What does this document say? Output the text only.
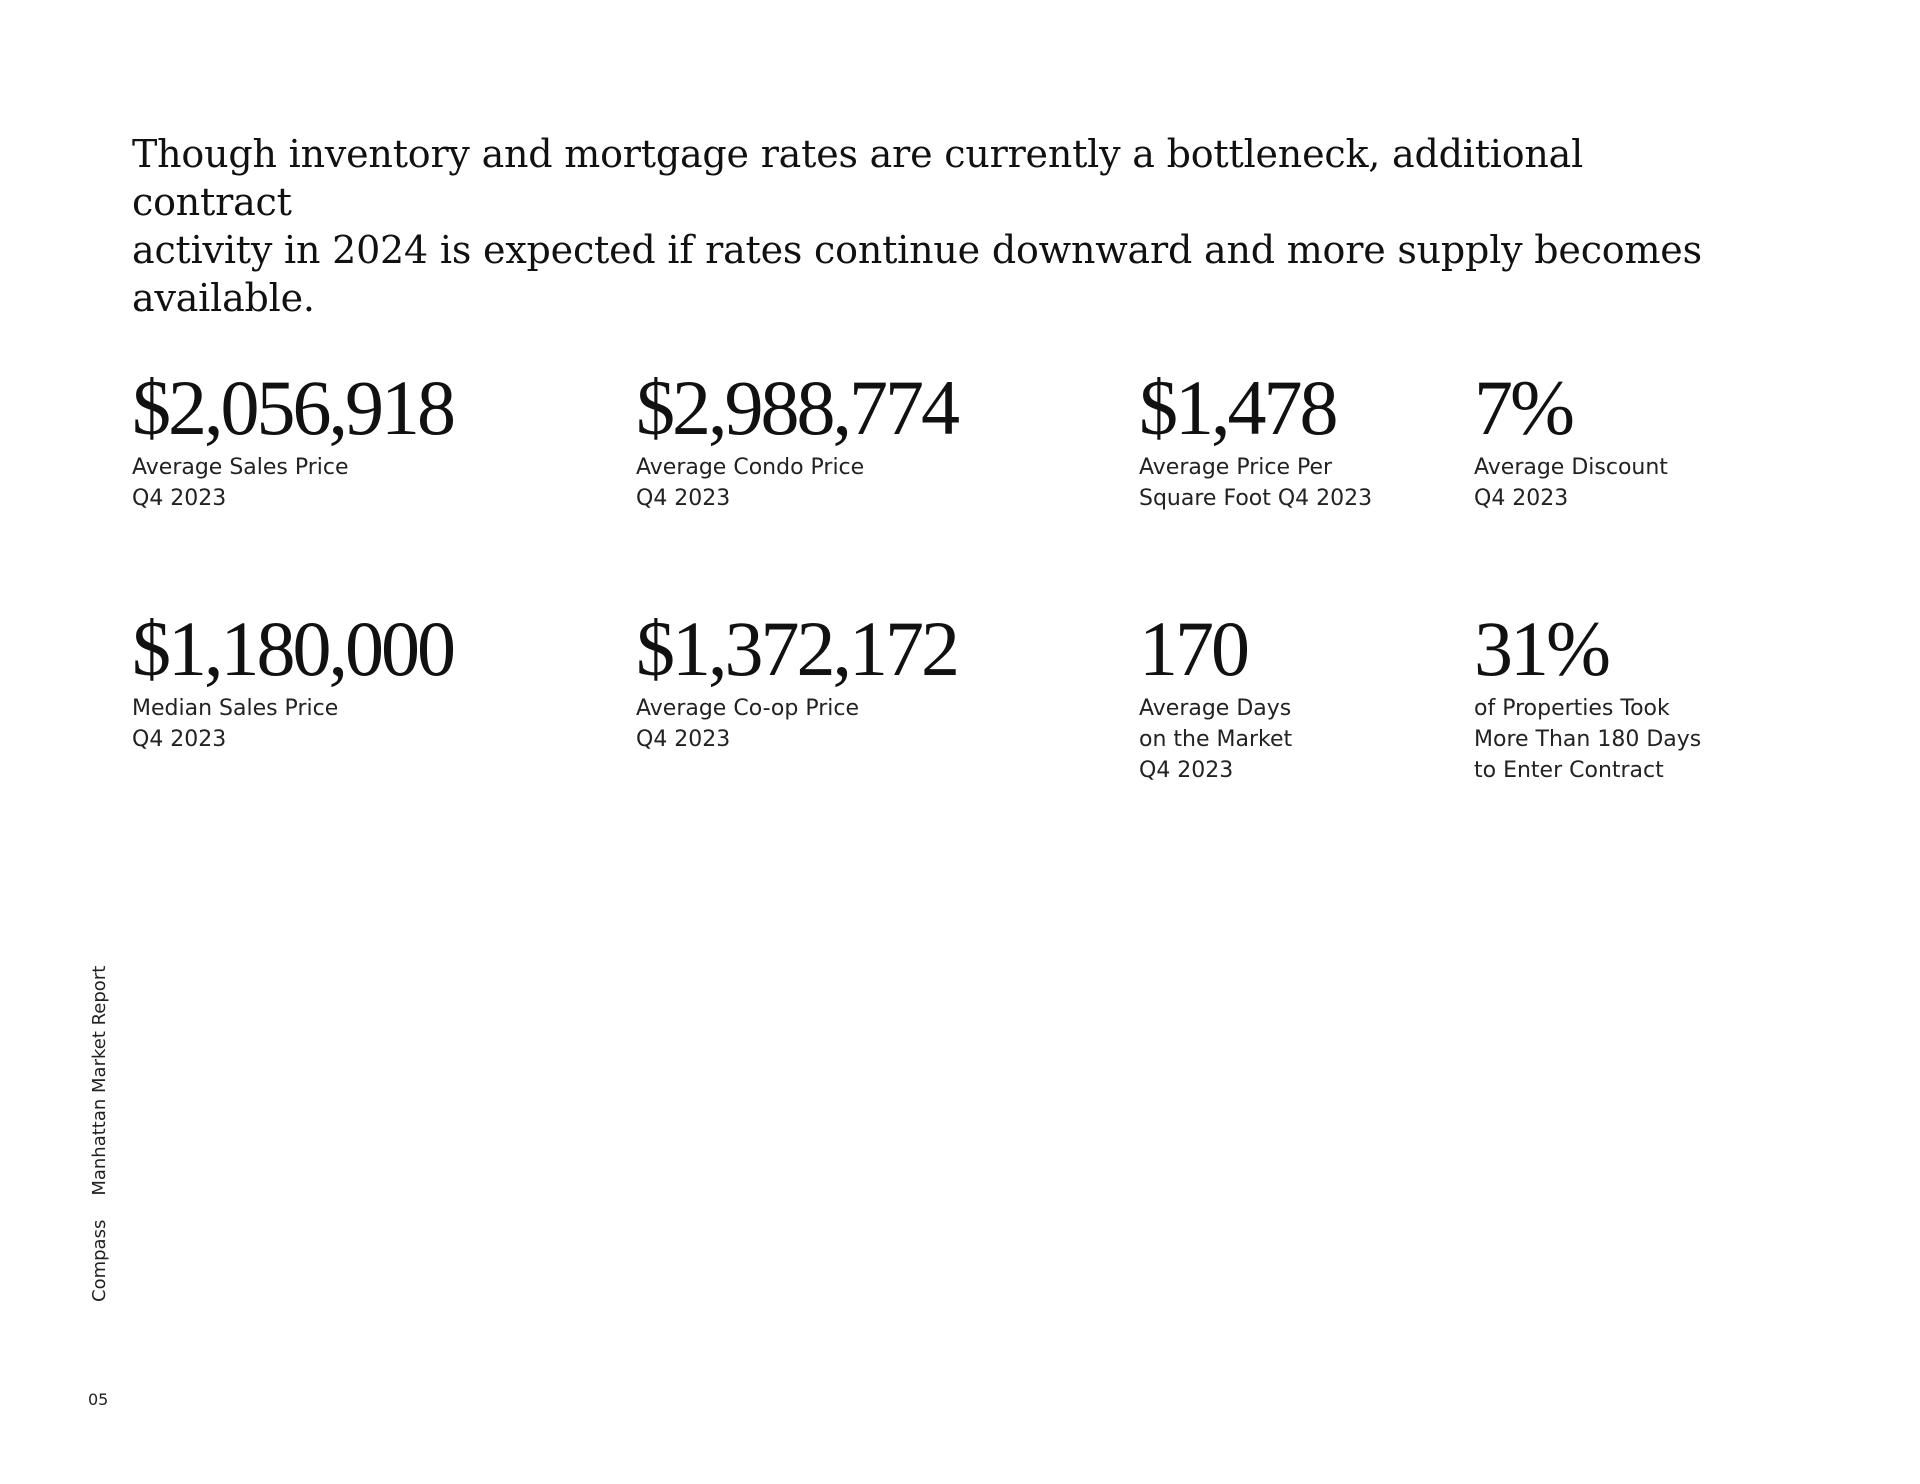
Though inventory and mortgage rates are currently a bottleneck, additional contract
activity in 2024 is expected if rates continue downward and more supply becomes
available.

$2,056,918
Average Sales Price
Q4 2023
$2,988,774
Average Condo Price
Q4 2023
$1,478
Average Price Per
Square Foot Q4 2023
7%
Average Discount
Q4 2023
$1,180,000
Median Sales Price
Q4 2023
$1,372,172
Average Co-op Price
Q4 2023
170
Average Days
on the Market
Q4 2023
31%
of Properties Took
More Than 180 Days
to Enter Contract
CompassManhattan Market Report
05
